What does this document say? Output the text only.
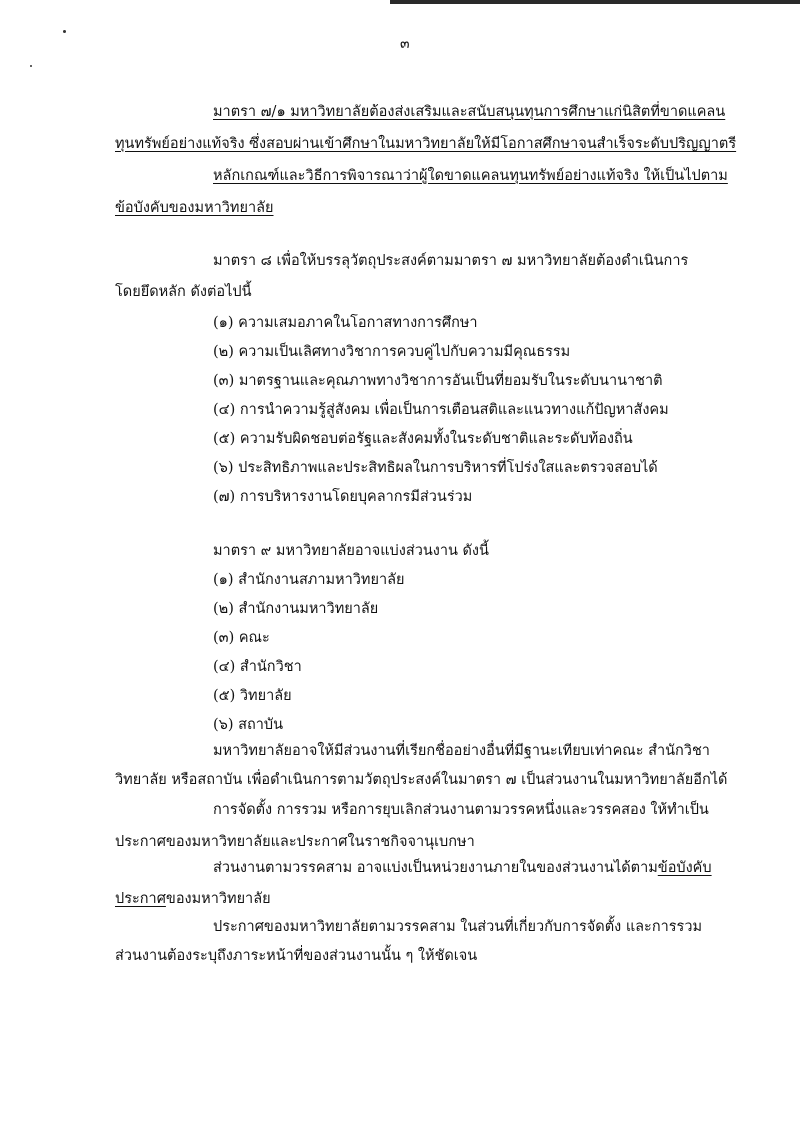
๓
มาตรา ๗/๑ มหาวิทยาลัยต้องส่งเสริมและสนับสนุนทุนการศึกษาแก่นิสิตที่ขาดแคลน
ทุนทรัพย์อย่างแท้จริง ซึ่งสอบผ่านเข้าศึกษาในมหาวิทยาลัยให้มีโอกาสศึกษาจนสำเร็จระดับปริญญาตรี
หลักเกณฑ์และวิธีการพิจารณาว่าผู้ใดขาดแคลนทุนทรัพย์อย่างแท้จริง ให้เป็นไปตาม
ข้อบังคับของมหาวิทยาลัย
มาตรา ๘ เพื่อให้บรรลุวัตถุประสงค์ตามมาตรา ๗ มหาวิทยาลัยต้องดำเนินการ
โดยยึดหลัก ดังต่อไปนี้
(๑) ความเสมอภาคในโอกาสทางการศึกษา
(๒) ความเป็นเลิศทางวิชาการควบคู่ไปกับความมีคุณธรรม
(๓) มาตรฐานและคุณภาพทางวิชาการอันเป็นที่ยอมรับในระดับนานาชาติ
(๔) การนำความรู้สู่สังคม เพื่อเป็นการเตือนสติและแนวทางแก้ปัญหาสังคม
(๕) ความรับผิดชอบต่อรัฐและสังคมทั้งในระดับชาติและระดับท้องถิ่น
(๖) ประสิทธิภาพและประสิทธิผลในการบริหารที่โปร่งใสและตรวจสอบได้
(๗) การบริหารงานโดยบุคลากรมีส่วนร่วม
มาตรา ๙ มหาวิทยาลัยอาจแบ่งส่วนงาน ดังนี้
(๑) สำนักงานสภามหาวิทยาลัย
(๒) สำนักงานมหาวิทยาลัย
(๓) คณะ
(๔) สำนักวิชา
(๕) วิทยาลัย
(๖) สถาบัน
มหาวิทยาลัยอาจให้มีส่วนงานที่เรียกชื่ออย่างอื่นที่มีฐานะเทียบเท่าคณะ สำนักวิชา
วิทยาลัย หรือสถาบัน เพื่อดำเนินการตามวัตถุประสงค์ในมาตรา ๗ เป็นส่วนงานในมหาวิทยาลัยอีกได้
การจัดตั้ง การรวม หรือการยุบเลิกส่วนงานตามวรรคหนึ่งและวรรคสอง ให้ทำเป็น
ประกาศของมหาวิทยาลัยและประกาศในราชกิจจานุเบกษา
ส่วนงานตามวรรคสาม อาจแบ่งเป็นหน่วยงานภายในของส่วนงานได้ตามข้อบังคับ
ประกาศของมหาวิทยาลัย
ประกาศของมหาวิทยาลัยตามวรรคสาม ในส่วนที่เกี่ยวกับการจัดตั้ง และการรวม
ส่วนงานต้องระบุถึงภาระหน้าที่ของส่วนงานนั้น ๆ ให้ชัดเจน
